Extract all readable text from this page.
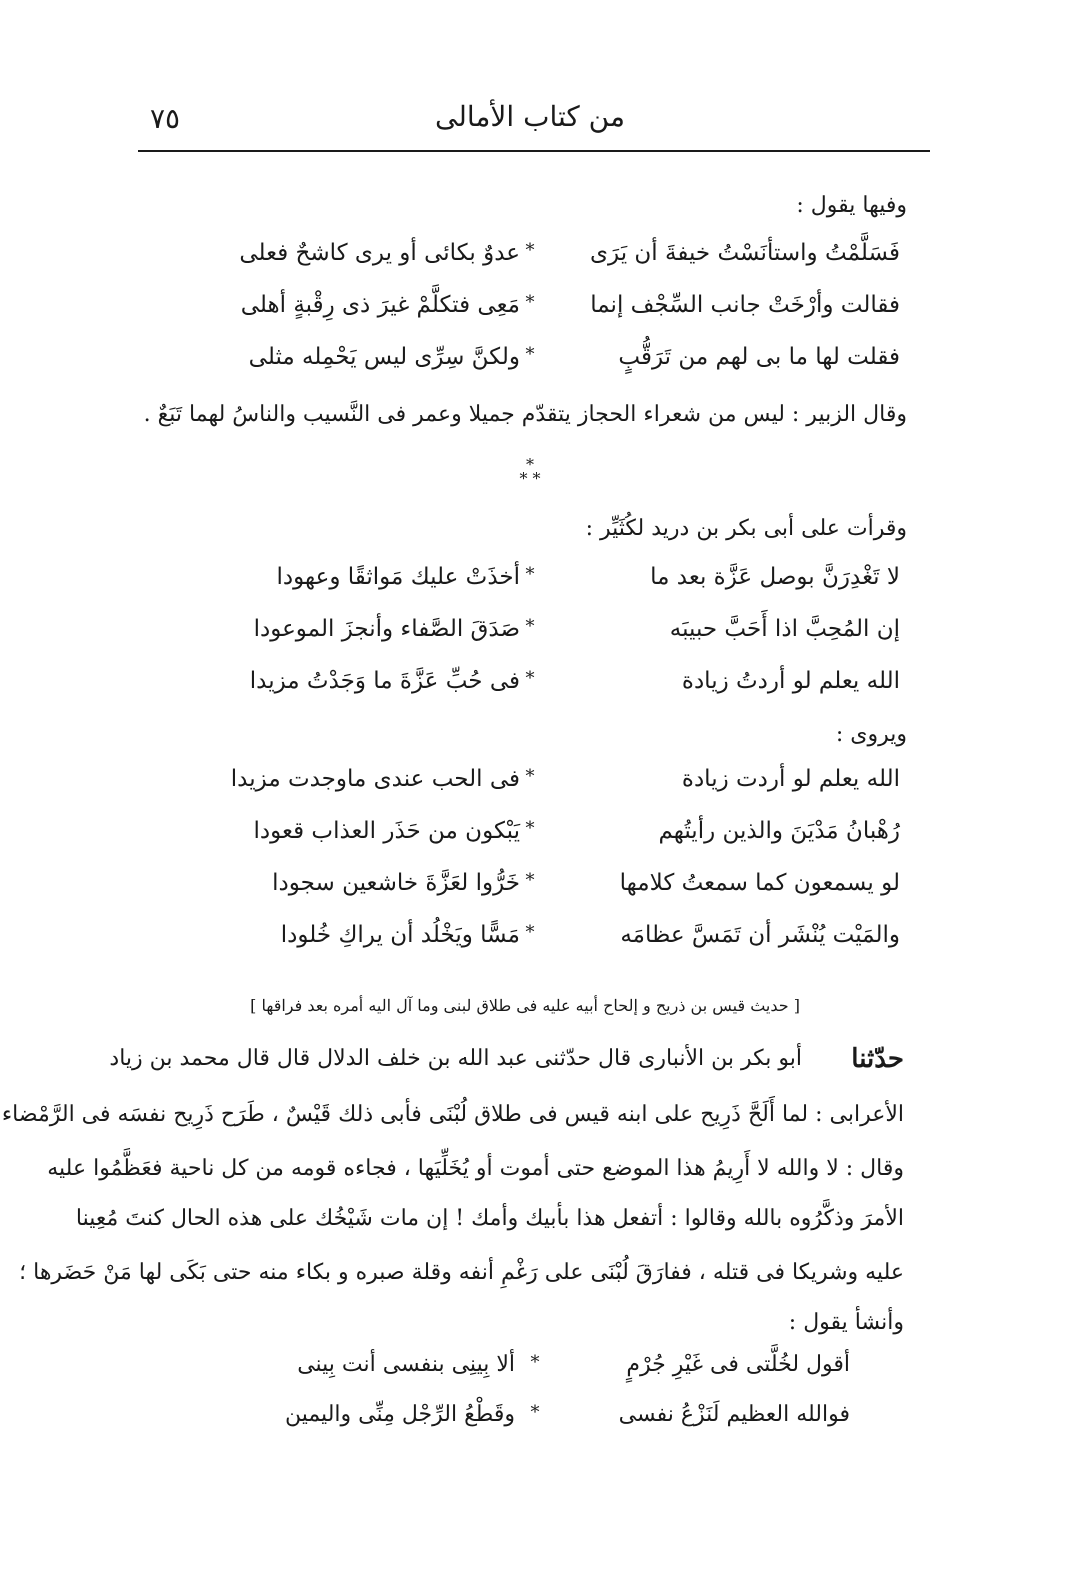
من كتاب الأمالى
٧٥
وفيها يقول :
فَسَلَّمْتُ واستأنَسْتُ خيفةَ أن يَرَى
*
عدوٌ بكائى أو يرى كاشحٌ فعلى
فقالت وأرْخَتْ جانب السِّجْف إنما
*
مَعِى فتكلَّمْ غيرَ ذى رِقْبةٍ أهلى
فقلت لها ما بى لهم من تَرَقُّبٍ
*
ولكنَّ سِرِّى ليس يَحْمِله مثلى
وقال الزبير : ليس من شعراء الحجاز يتقدّم جميلا وعمر فى النَّسيب والناسُ لهما تَبَعٌ .
*
* *
وقرأت على أبى بكر بن دريد لكُثَيِّر :
لا تَغْدِرَنَّ بوصل عَزَّة بعد ما
*
أخذَتْ عليك مَواثقًا وعهودا
إن المُحِبَّ اذا أَحَبَّ حبيبَه
*
صَدَقَ الصَّفاء وأنجزَ الموعودا
الله يعلم لو أردتُ زيادة
*
فى حُبِّ عَزَّةَ ما وَجَدْتُ مزيدا
ويروى :
الله يعلم لو أردت زيادة
*
فى الحب عندى ماوجدت مزيدا
رُهْبانُ مَدْيَنَ والذين رأيتُهم
*
يَبْكون من حَذَر العذاب قعودا
لو يسمعون كما سمعتُ كلامها
*
خَرُّوا لعَزَّةَ خاشعين سجودا
والمَيْت يُنْشَر أن تَمَسَّ عظامَه
*
مَسًّا ويَخْلُد أن يراكِ خُلودا
[ حديث قيس بن ذريح و إلحاح أبيه عليه فى طلاق لبنى وما آل اليه أمره بعد فراقها ]
حدّثنا
أبو بكر بن الأنبارى قال حدّثنى عبد الله بن خلف الدلال قال قال محمد بن زياد
الأعرابى : لما أَلَحَّ ذَرِيح على ابنه قيس فى طلاق لُبْنَى فأبى ذلك قَيْسٌ ، طَرَح ذَرِيح نفسَه فى الرَّمْضاء
وقال : لا والله لا أَرِيمُ هذا الموضع حتى أموت أو يُخَلِّيَها ، فجاءه قومه من كل ناحية فعَظَّمُوا عليه
الأمرَ وذكَّرُوه بالله وقالوا : أتفعل هذا بأبيك وأمك ! إن مات شَيْخُك على هذه الحال كنتَ مُعِينا
عليه وشريكا فى قتله ، ففارَقَ لُبْنَى على رَغْمِ أنفه وقلة صبره و بكاء منه حتى بَكَى لها مَنْ حَضَرها ؛
وأنشأ يقول :
أقول لخُلَّتى فى غَيْرِ جُرْمٍ
*
ألا بِينِى بنفسى أنت بِينى
فوالله العظيم لَنَزْعُ نفسى
*
وقَطْعُ الرِّجْل مِنِّى واليمين
